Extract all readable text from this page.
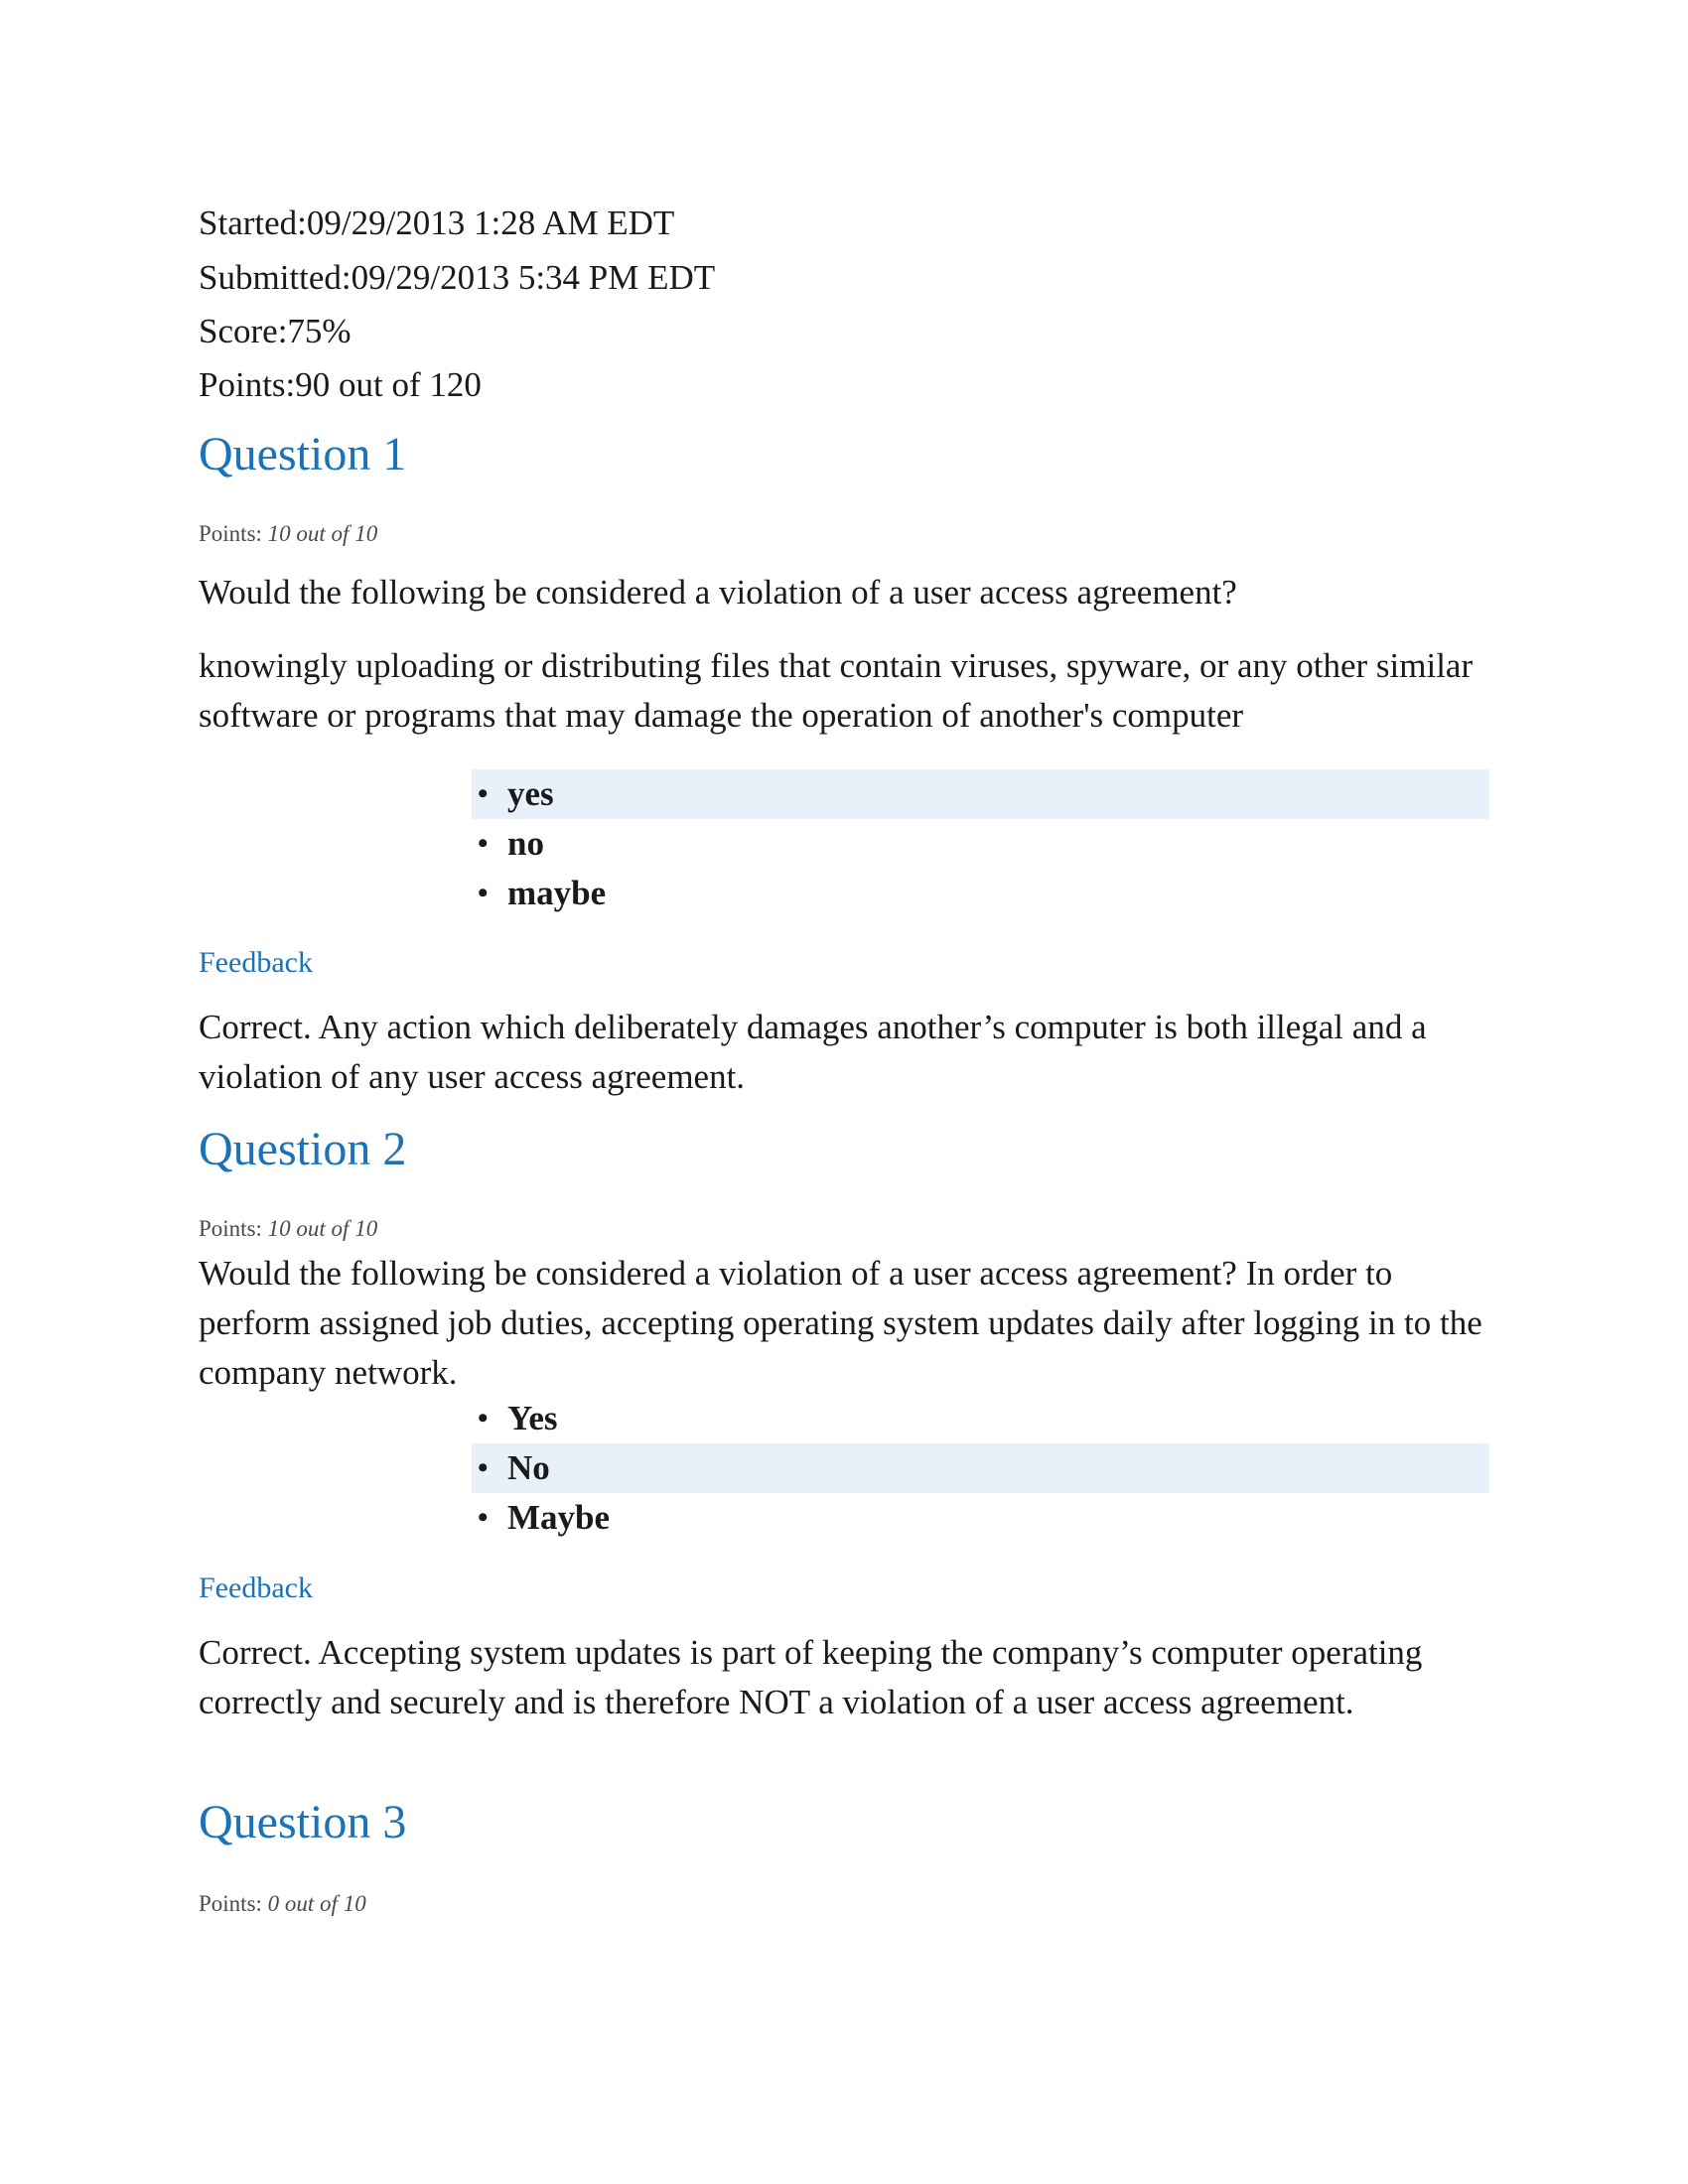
Started:09/29/2013 1:28 AM EDT
Submitted:09/29/2013 5:34 PM EDT
Score:75%
Points:90 out of 120
Question 1
Points: 10 out of 10
Would the following be considered a violation of a user access agreement?
knowingly uploading or distributing files that contain viruses, spyware, or any other similar software or programs that may damage the operation of another's computer
• yes
• no
• maybe
Feedback
Correct. Any action which deliberately damages another’s computer is both illegal and a violation of any user access agreement.
Question 2
Points: 10 out of 10
Would the following be considered a violation of a user access agreement? In order to perform assigned job duties, accepting operating system updates daily after logging in to the company network.
• Yes
• No
• Maybe
Feedback
Correct. Accepting system updates is part of keeping the company’s computer operating correctly and securely and is therefore NOT a violation of a user access agreement.
Question 3
Points: 0 out of 10
